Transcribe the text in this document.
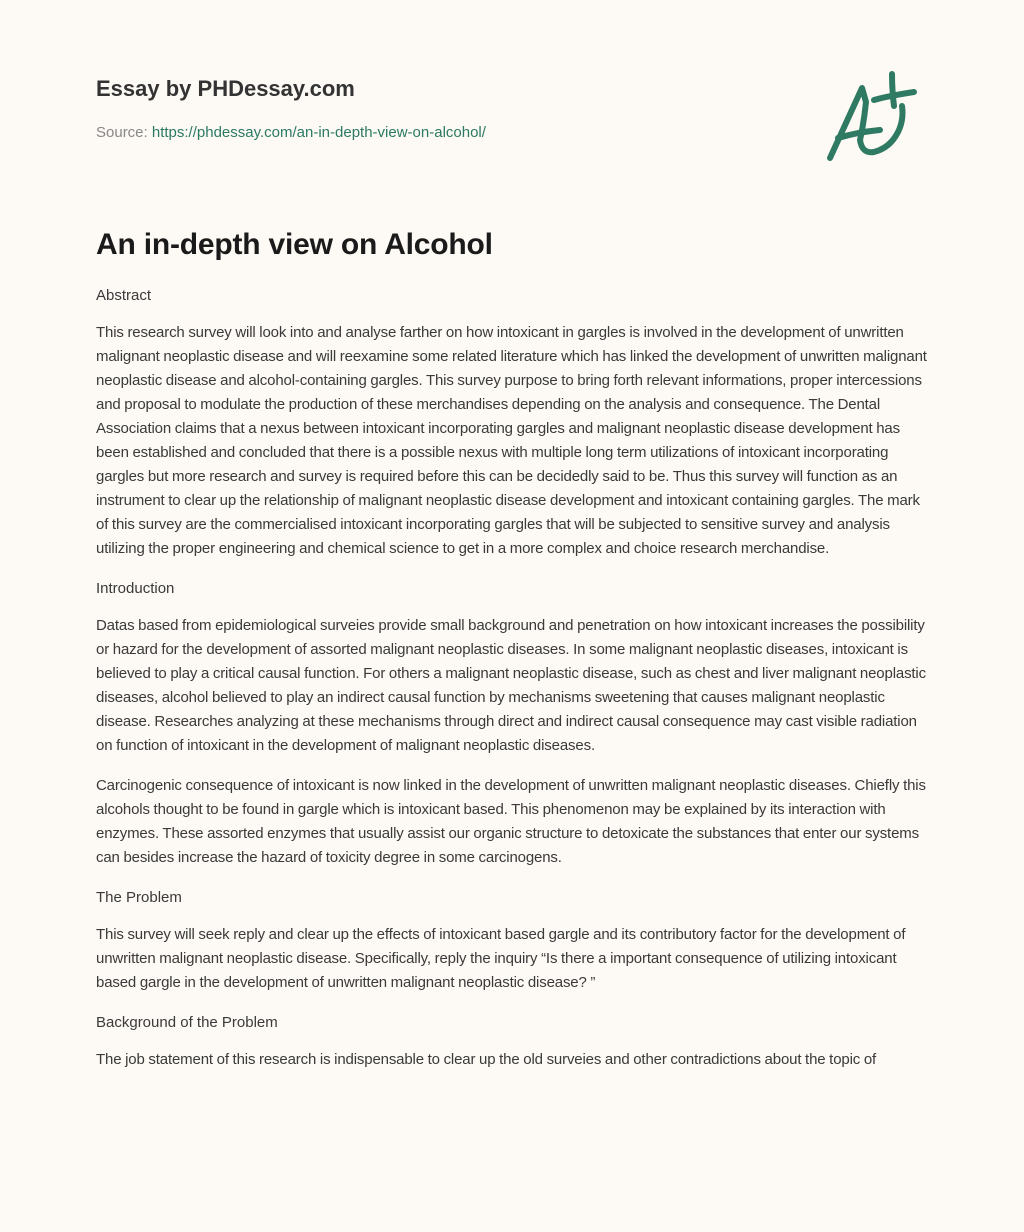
Essay by PHDessay.com
Source: https://phdessay.com/an-in-depth-view-on-alcohol/
An in-depth view on Alcohol
Abstract

This research survey will look into and analyse farther on how intoxicant in gargles is involved in the development of unwritten malignant neoplastic disease and will reexamine some related literature which has linked the development of unwritten malignant neoplastic disease and alcohol-containing gargles. This survey purpose to bring forth relevant informations, proper intercessions and proposal to modulate the production of these merchandises depending on the analysis and consequence. The Dental Association claims that a nexus between intoxicant incorporating gargles and malignant neoplastic disease development has been established and concluded that there is a possible nexus with multiple long term utilizations of intoxicant incorporating gargles but more research and survey is required before this can be decidedly said to be. Thus this survey will function as an instrument to clear up the relationship of malignant neoplastic disease development and intoxicant containing gargles. The mark of this survey are the commercialised intoxicant incorporating gargles that will be subjected to sensitive survey and analysis utilizing the proper engineering and chemical science to get in a more complex and choice research merchandise.

Introduction

Datas based from epidemiological surveies provide small background and penetration on how intoxicant increases the possibility or hazard for the development of assorted malignant neoplastic diseases. In some malignant neoplastic diseases, intoxicant is believed to play a critical causal function. For others a malignant neoplastic disease, such as chest and liver malignant neoplastic diseases, alcohol believed to play an indirect causal function by mechanisms sweetening that causes malignant neoplastic disease. Researches analyzing at these mechanisms through direct and indirect causal consequence may cast visible radiation on function of intoxicant in the development of malignant neoplastic diseases.

Carcinogenic consequence of intoxicant is now linked in the development of unwritten malignant neoplastic diseases. Chiefly this alcohols thought to be found in gargle which is intoxicant based. This phenomenon may be explained by its interaction with enzymes. These assorted enzymes that usually assist our organic structure to detoxicate the substances that enter our systems can besides increase the hazard of toxicity degree in some carcinogens.

The Problem

This survey will seek reply and clear up the effects of intoxicant based gargle and its contributory factor for the development of unwritten malignant neoplastic disease. Specifically, reply the inquiry “Is there a important consequence of utilizing intoxicant based gargle in the development of unwritten malignant neoplastic disease? ”

Background of the Problem

The job statement of this research is indispensable to clear up the old surveies and other contradictions about the topic of
